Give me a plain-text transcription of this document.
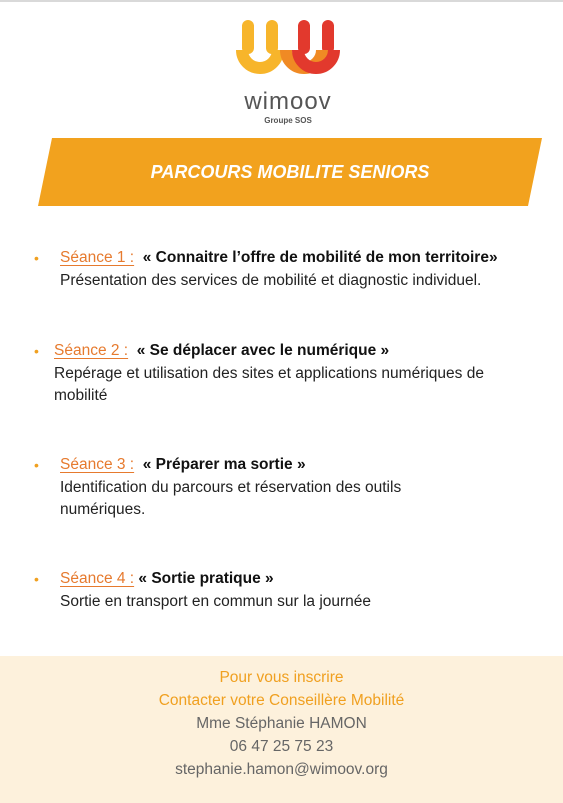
wimoov
Groupe SOS
PARCOURS MOBILITE SENIORS
• Séance 1 : « Connaitre l’offre de mobilité de mon territoire»
Présentation des services de mobilité et diagnostic individuel.
• Séance 2 : « Se déplacer avec le numérique »
Repérage et utilisation des sites et applications numériques de
mobilité
• Séance 3 : « Préparer ma sortie »
Identification du parcours et réservation des outils
numériques.
• Séance 4 : « Sortie pratique »
Sortie en transport en commun sur la journée
Pour vous inscrire
Contacter votre Conseillère Mobilité
Mme Stéphanie HAMON
06 47 25 75 23
stephanie.hamon@wimoov.org
